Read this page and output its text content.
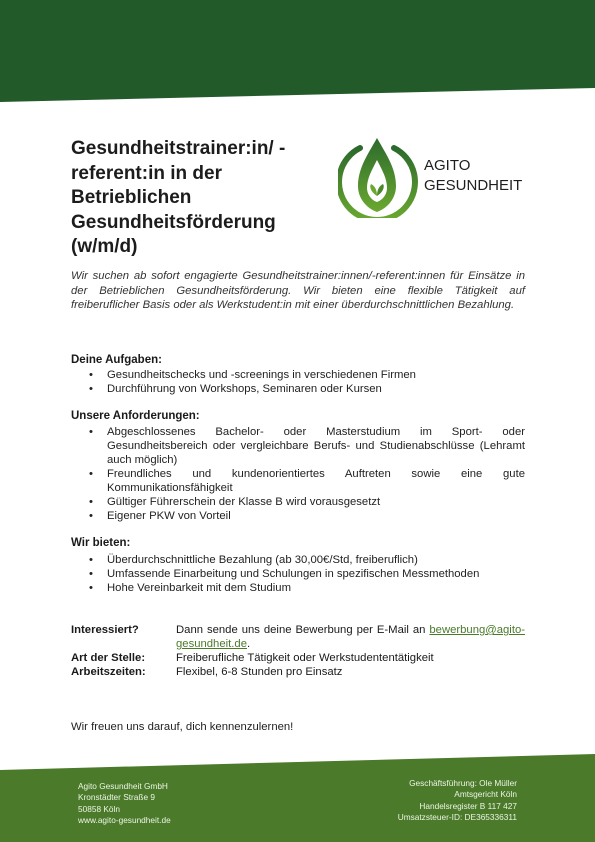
Gesundheitstrainer:in/ -referent:in in der Betrieblichen Gesundheitsförderung (w/m/d)
AGITO
GESUNDHEIT

Wir suchen ab sofort engagierte Gesundheitstrainer:innen/-referent:innen für Einsätze in der Betrieblichen Gesundheitsförderung. Wir bieten eine flexible Tätigkeit auf freiberuflicher Basis oder als Werkstudent:in mit einer überdurchschnittlichen Bezahlung.

Deine Aufgaben:
• Gesundheitschecks und -screenings in verschiedenen Firmen
• Durchführung von Workshops, Seminaren oder Kursen
Unsere Anforderungen:
• Abgeschlossenes Bachelor- oder Masterstudium im Sport- oder Gesundheitsbereich oder vergleichbare Berufs- und Studienabschlüsse (Lehramt auch möglich)
• Freundliches und kundenorientiertes Auftreten sowie eine gute Kommunikationsfähigkeit
• Gültiger Führerschein der Klasse B wird vorausgesetzt
• Eigener PKW von Vorteil
Wir bieten:
• Überdurchschnittliche Bezahlung (ab 30,00€/Std, freiberuflich)
• Umfassende Einarbeitung und Schulungen in spezifischen Messmethoden
• Hohe Vereinbarkeit mit dem Studium
Interessiert?	Dann sende uns deine Bewerbung per E-Mail an bewerbung@agito-gesundheit.de.
Art der Stelle:	Freiberufliche Tätigkeit oder Werkstudententätigkeit
Arbeitszeiten:	Flexibel, 6-8 Stunden pro Einsatz

Wir freuen uns darauf, dich kennenzulernen!

Agito Gesundheit GmbH
Kronstädter Straße 9
50858 Köln
www.agito-gesundheit.de
Geschäftsführung: Ole Müller
Amtsgericht Köln
Handelsregister B 117 427
Umsatzsteuer-ID: DE365336311
